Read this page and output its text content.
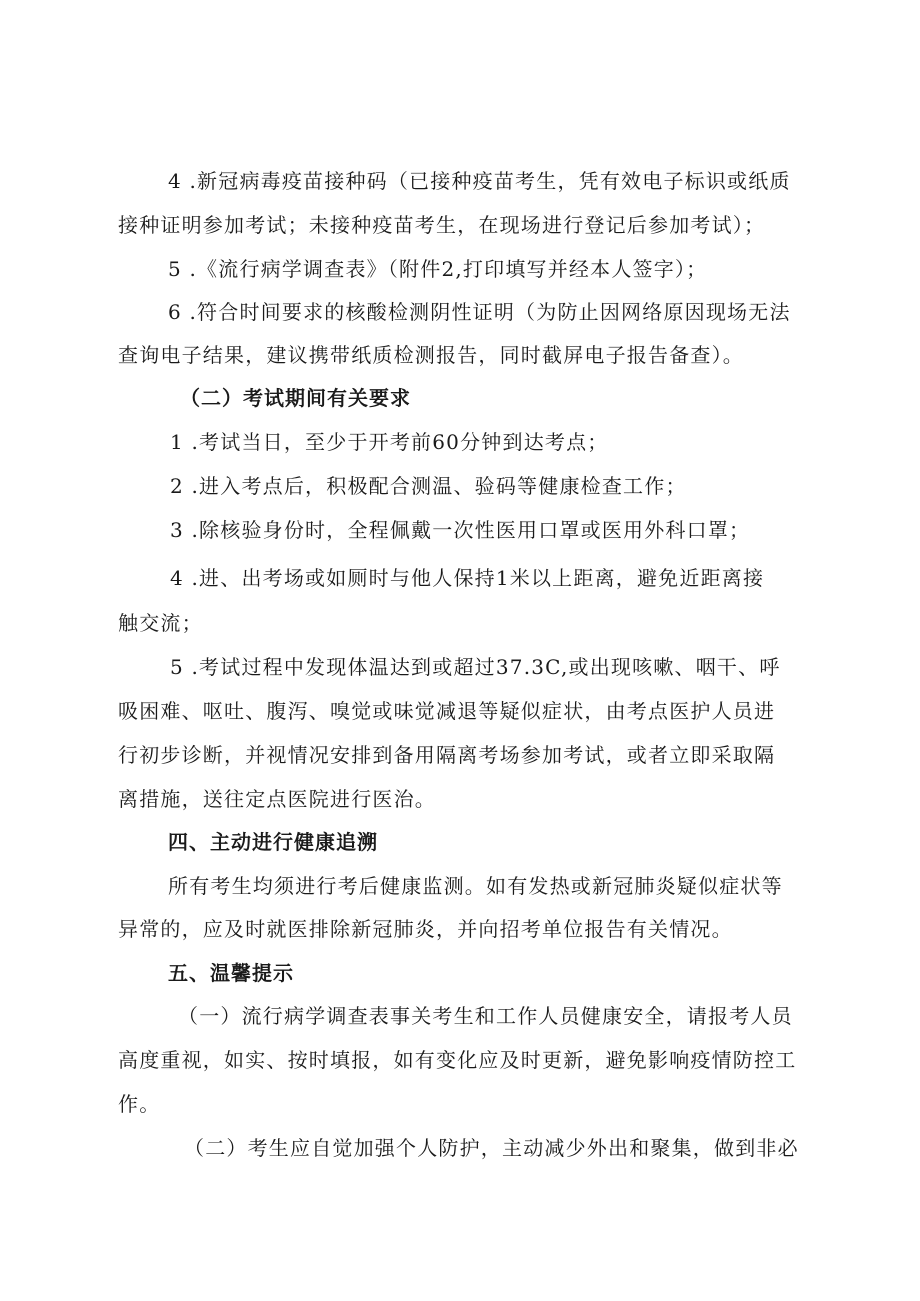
4 .新冠病毒疫苗接种码（已接种疫苗考生，凭有效电子标识或纸质
接种证明参加考试；未接种疫苗考生，在现场进行登记后参加考试）；
5 .《流行病学调查表》（附件2,打印填写并经本人签字）；
6 .符合时间要求的核酸检测阴性证明（为防止因网络原因现场无法
查询电子结果，建议携带纸质检测报告，同时截屏电子报告备查）。
（二）考试期间有关要求
1 .考试当日，至少于开考前60分钟到达考点；
2 .进入考点后，积极配合测温、验码等健康检查工作；
3 .除核验身份时，全程佩戴一次性医用口罩或医用外科口罩；
4 .进、出考场或如厕时与他人保持1米以上距离，避免近距离接
触交流；
5 .考试过程中发现体温达到或超过37.3C,或出现咳嗽、咽干、呼
吸困难、呕吐、腹泻、嗅觉或味觉减退等疑似症状，由考点医护人员进
行初步诊断，并视情况安排到备用隔离考场参加考试，或者立即采取隔
离措施，送往定点医院进行医治。
四、主动进行健康追溯
所有考生均须进行考后健康监测。如有发热或新冠肺炎疑似症状等
异常的，应及时就医排除新冠肺炎，并向招考单位报告有关情况。
五、温馨提示
（一）流行病学调查表事关考生和工作人员健康安全，请报考人员
高度重视，如实、按时填报，如有变化应及时更新，避免影响疫情防控工
作。
（二）考生应自觉加强个人防护，主动减少外出和聚集，做到非必
